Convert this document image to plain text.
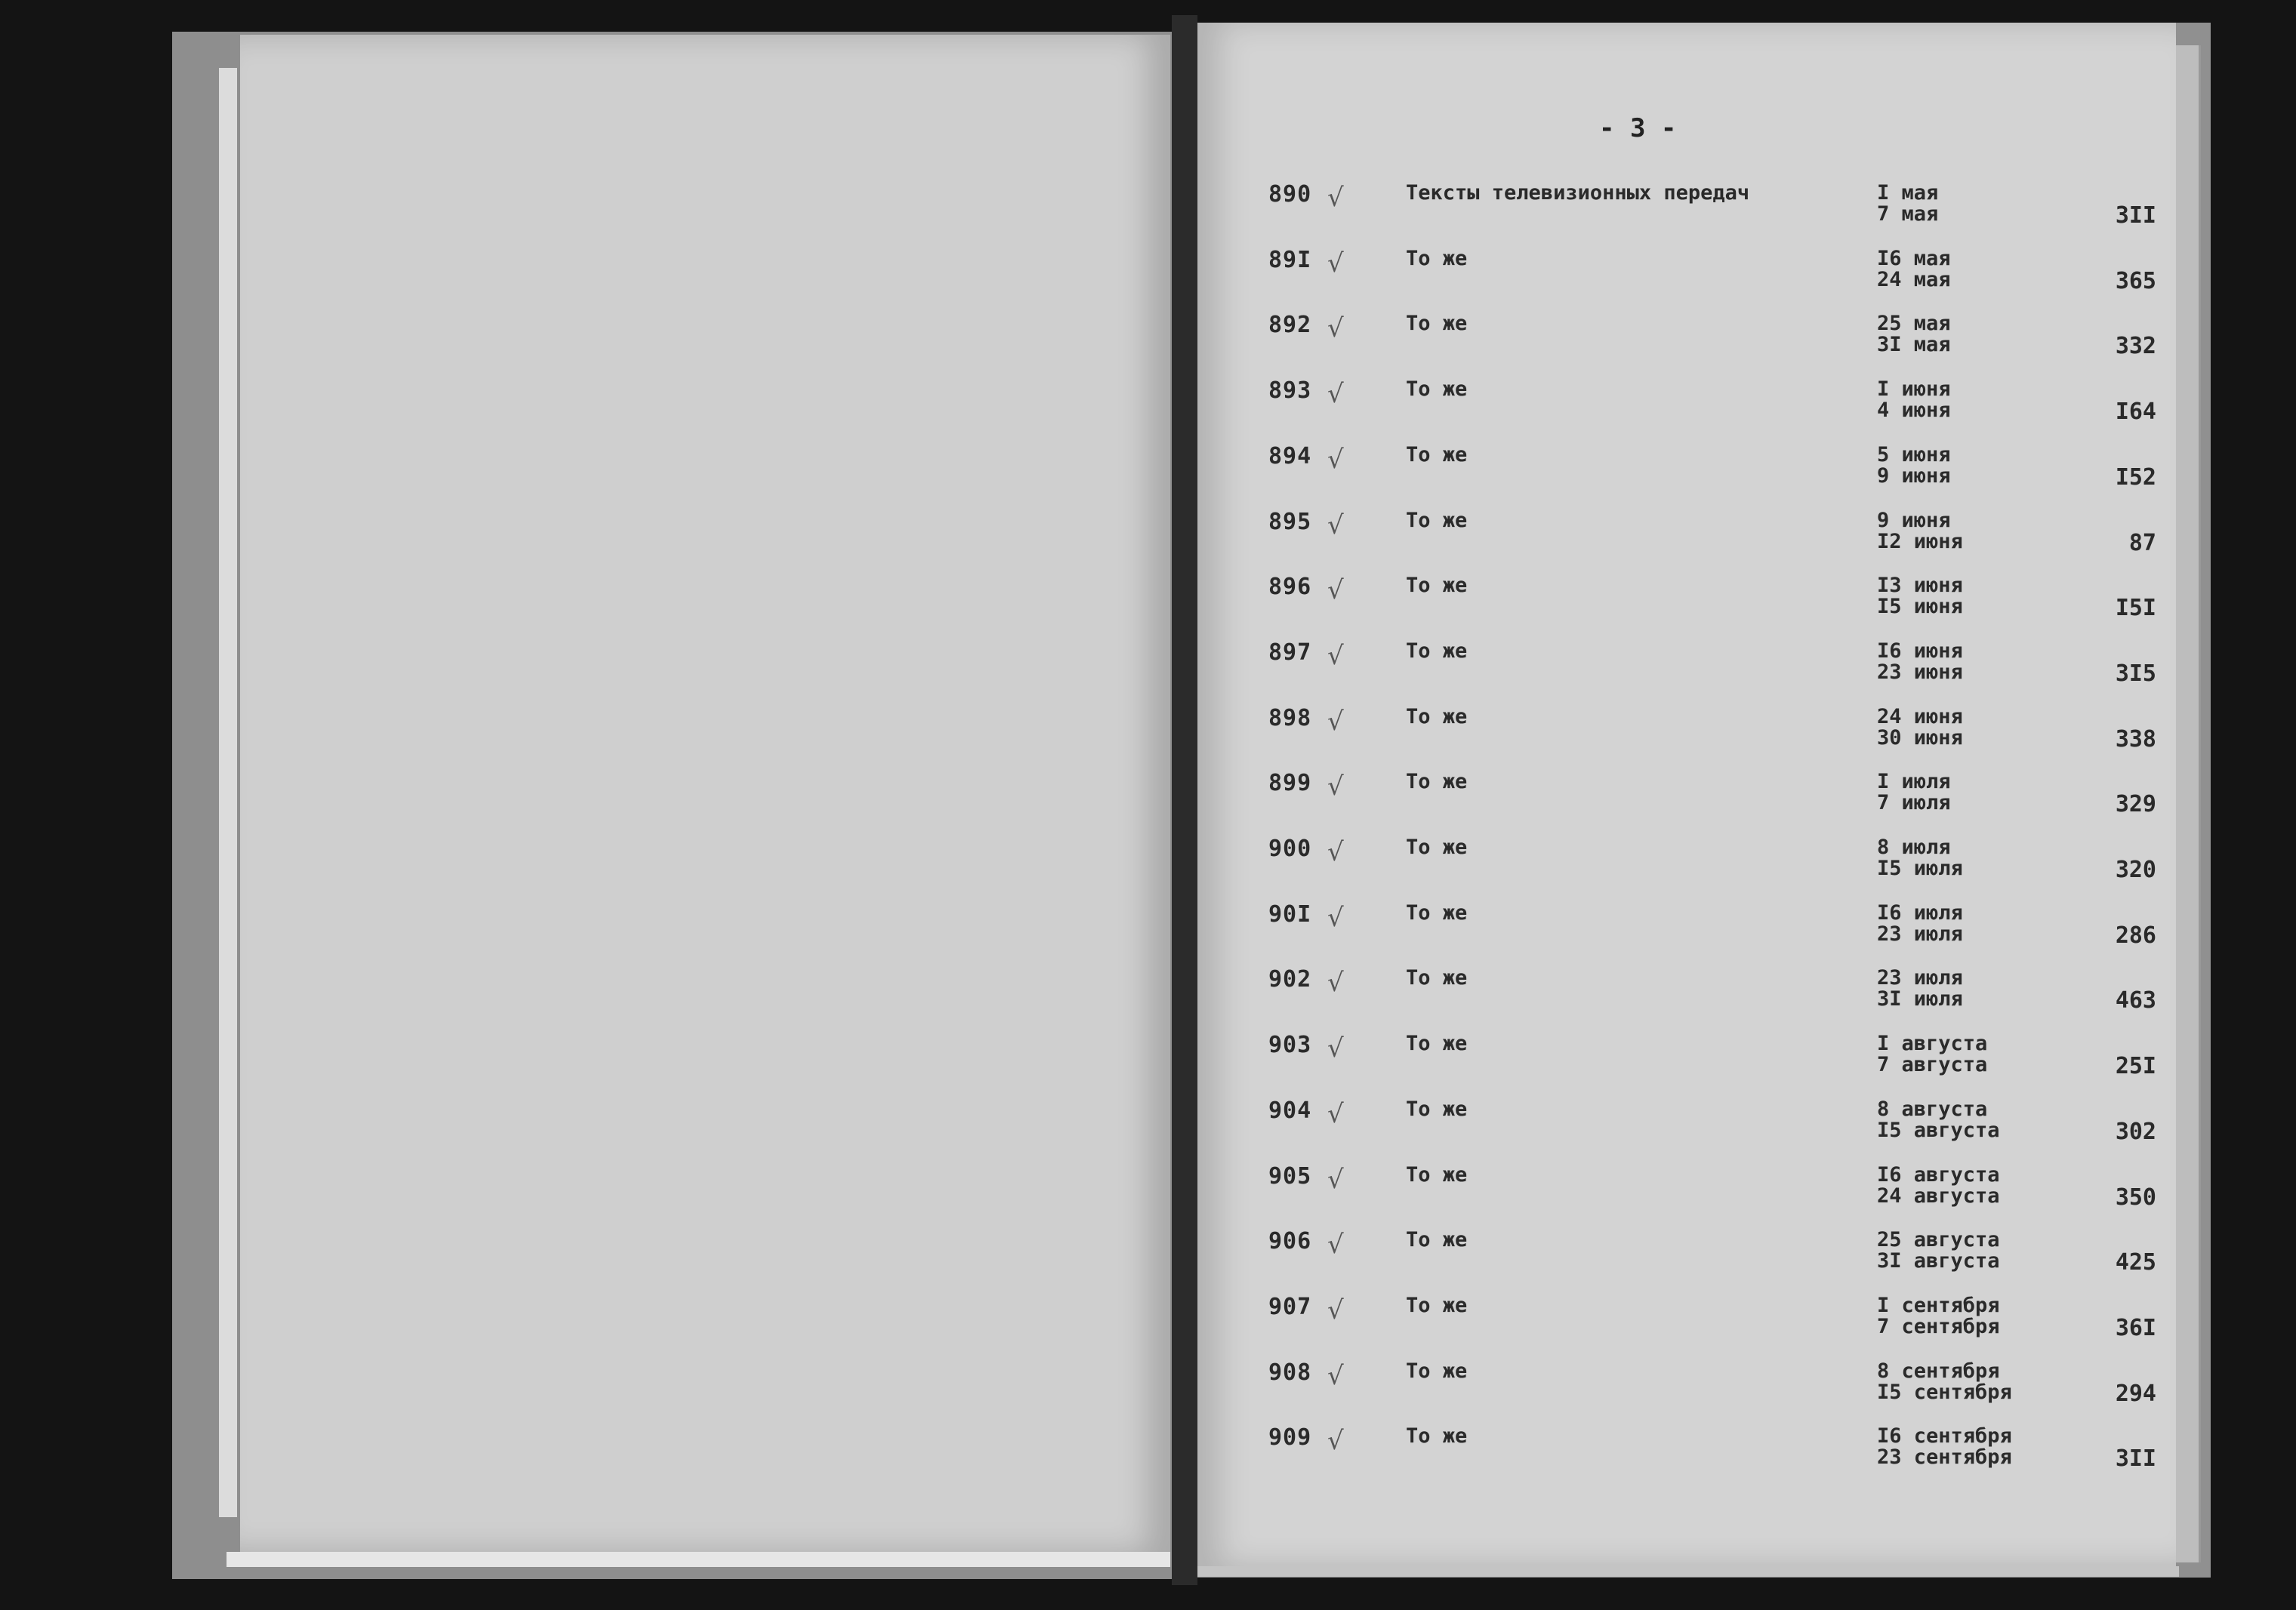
890 √	Тексты телевизионных передач	I мая
7 мая	3II
89I √	То же	I6 мая
24 мая	365
892 √	То же	25 мая
3I мая	332
893 √	То же	I июня
4 июня	I64
894 √	То же	5 июня
9 июня	I52
895 √	То же	9 июня
I2 июня	87
896 √	То же	I3 июня
I5 июня	I5I
897 √	То же	I6 июня
23 июня	3I5
898 √	То же	24 июня
30 июня	338
899 √	То же	I июля
7 июля	329
900 √	То же	8 июля
I5 июля	320
90I √	То же	I6 июля
23 июля	286
902 √	То же	23 июля
3I июля	463
903 √	То же	I августа
7 августа	25I
904 √	То же	8 августа
I5 августа	302
905 √	То же	I6 августа
24 августа	350
906 √	То же	25 августа
3I августа	425
907 √	То же	I сентября
7 сентября	36I
908 √	То же	8 сентября
I5 сентября	294
909 √	То же	I6 сентября
23 сентября	3II
- 3 -
